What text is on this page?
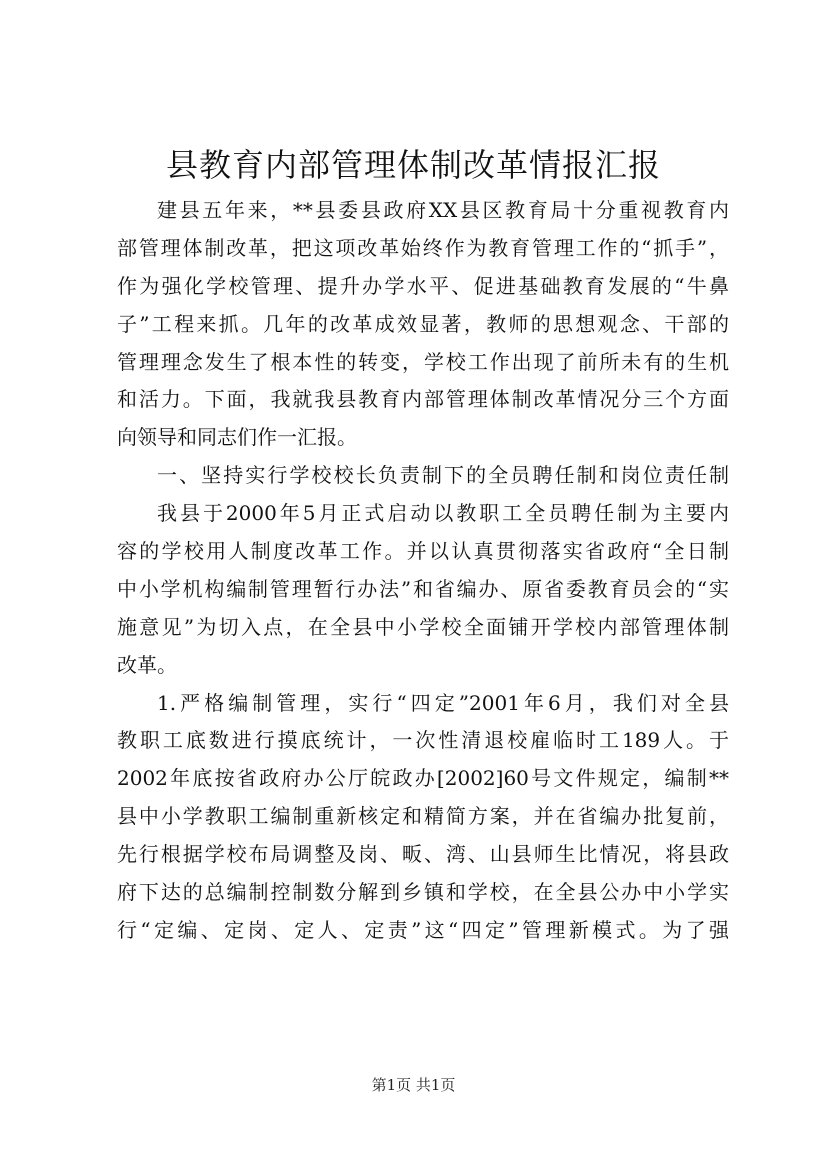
县教育内部管理体制改革情报汇报
建县五年来，**县委县政府XX县区教育局十分重视教育内
部管理体制改革，把这项改革始终作为教育管理工作的“抓手”，
作为强化学校管理、提升办学水平、促进基础教育发展的“牛鼻
子”工程来抓。几年的改革成效显著，教师的思想观念、干部的
管理理念发生了根本性的转变，学校工作出现了前所未有的生机
和活力。下面，我就我县教育内部管理体制改革情况分三个方面
向领导和同志们作一汇报。
一、坚持实行学校校长负责制下的全员聘任制和岗位责任制
我县于2000年5月正式启动以教职工全员聘任制为主要内
容的学校用人制度改革工作。并以认真贯彻落实省政府“全日制
中小学机构编制管理暂行办法”和省编办、原省委教育员会的“实
施意见”为切入点，在全县中小学校全面铺开学校内部管理体制
改革。
1.严格编制管理，实行“四定”2001年6月，我们对全县
教职工底数进行摸底统计，一次性清退校雇临时工189人。于
2002年底按省政府办公厅皖政办[2002]60号文件规定，编制**
县中小学教职工编制重新核定和精简方案，并在省编办批复前，
先行根据学校布局调整及岗、畈、湾、山县师生比情况，将县政
府下达的总编制控制数分解到乡镇和学校，在全县公办中小学实
行“定编、定岗、定人、定责”这“四定”管理新模式。为了强
第1页 共1页
